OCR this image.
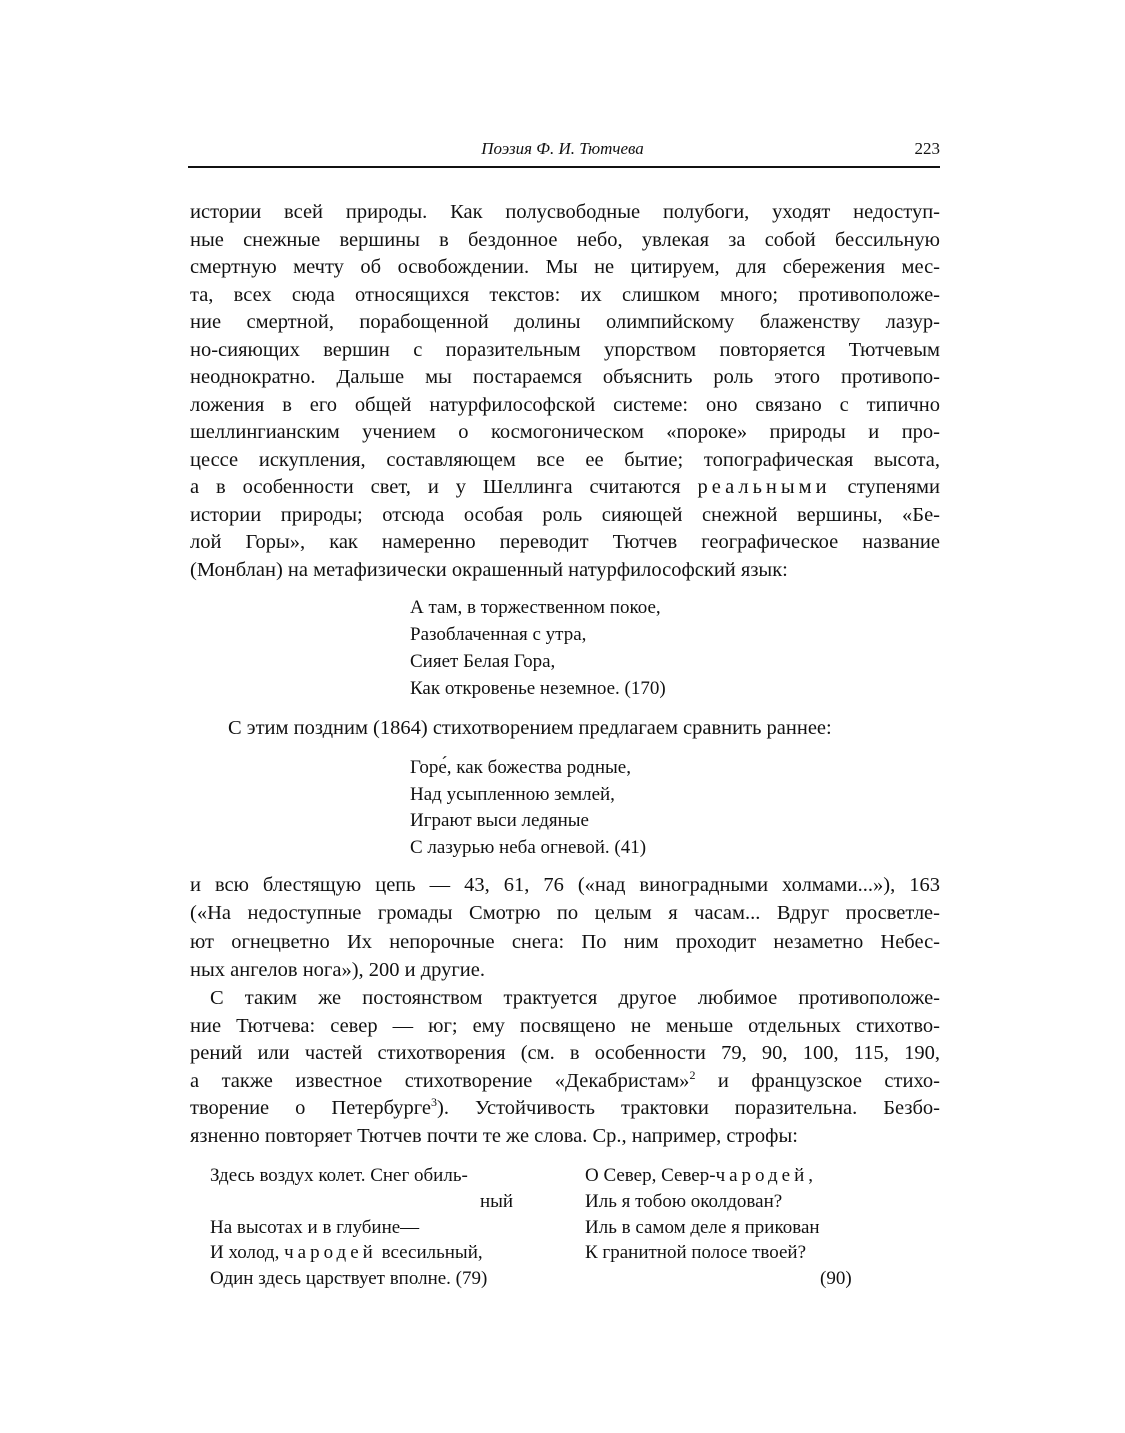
Поэзия Ф. И. Тютчева	223
истории всей природы. Как полусвободные полубоги, уходят недоступ-
ные снежные вершины в бездонное небо, увлекая за собой бессильную
смертную мечту об освобождении. Мы не цитируем, для сбережения мес-
та, всех сюда относящихся текстов: их слишком много; противоположе-
ние смертной, порабощенной долины олимпийскому блаженству лазур-
но-сияющих вершин с поразительным упорством повторяется Тютчевым
неоднократно. Дальше мы постараемся объяснить роль этого противопо-
ложения в его общей натурфилософской системе: оно связано с типично
шеллингианским учением о космогоническом «пороке» природы и про-
цессе искупления, составляющем все ее бытие; топографическая высота,
а в особенности свет, и у Шеллинга считаются реальными ступенями
истории природы; отсюда особая роль сияющей снежной вершины, «Бе-
лой Горы», как намеренно переводит Тютчев географическое название
(Монблан) на метафизически окрашенный натурфилософский язык:
А там, в торжественном покое,
Разоблаченная с утра,
Сияет Белая Гора,
Как откровенье неземное. (170)
С этим поздним (1864) стихотворением предлагаем сравнить раннее:
Горе́, как божества родные,
Над усыпленною землей,
Играют выси ледяные
С лазурью неба огневой. (41)
и всю блестящую цепь — 43, 61, 76 («над виноградными холмами...»), 163
(«На недоступные громады Смотрю по целым я часам... Вдруг просветле-
ют огнецветно Их непорочные снега: По ним проходит незаметно Небес-
ных ангелов нога»), 200 и другие.
С таким же постоянством трактуется другое любимое противоположе-
ние Тютчева: север — юг; ему посвящено не меньше отдельных стихотво-
рений или частей стихотворения (см. в особенности 79, 90, 100, 115, 190,
а также известное стихотворение «Декабристам»$^2$ и французское стихо-
творение о Петербурге$^3$). Устойчивость трактовки поразительна. Безбо-
язненно повторяет Тютчев почти те же слова. Ср., например, строфы:
Здесь воздух колет. Снег обиль-
ный
На высотах и в глубине—
И холод, чародей всесильный,
Один здесь царствует вполне. (79)
О Север, Север-чародей,
Иль я тобою околдован?
Иль в самом деле я прикован
К гранитной полосе твоей?
(90)
